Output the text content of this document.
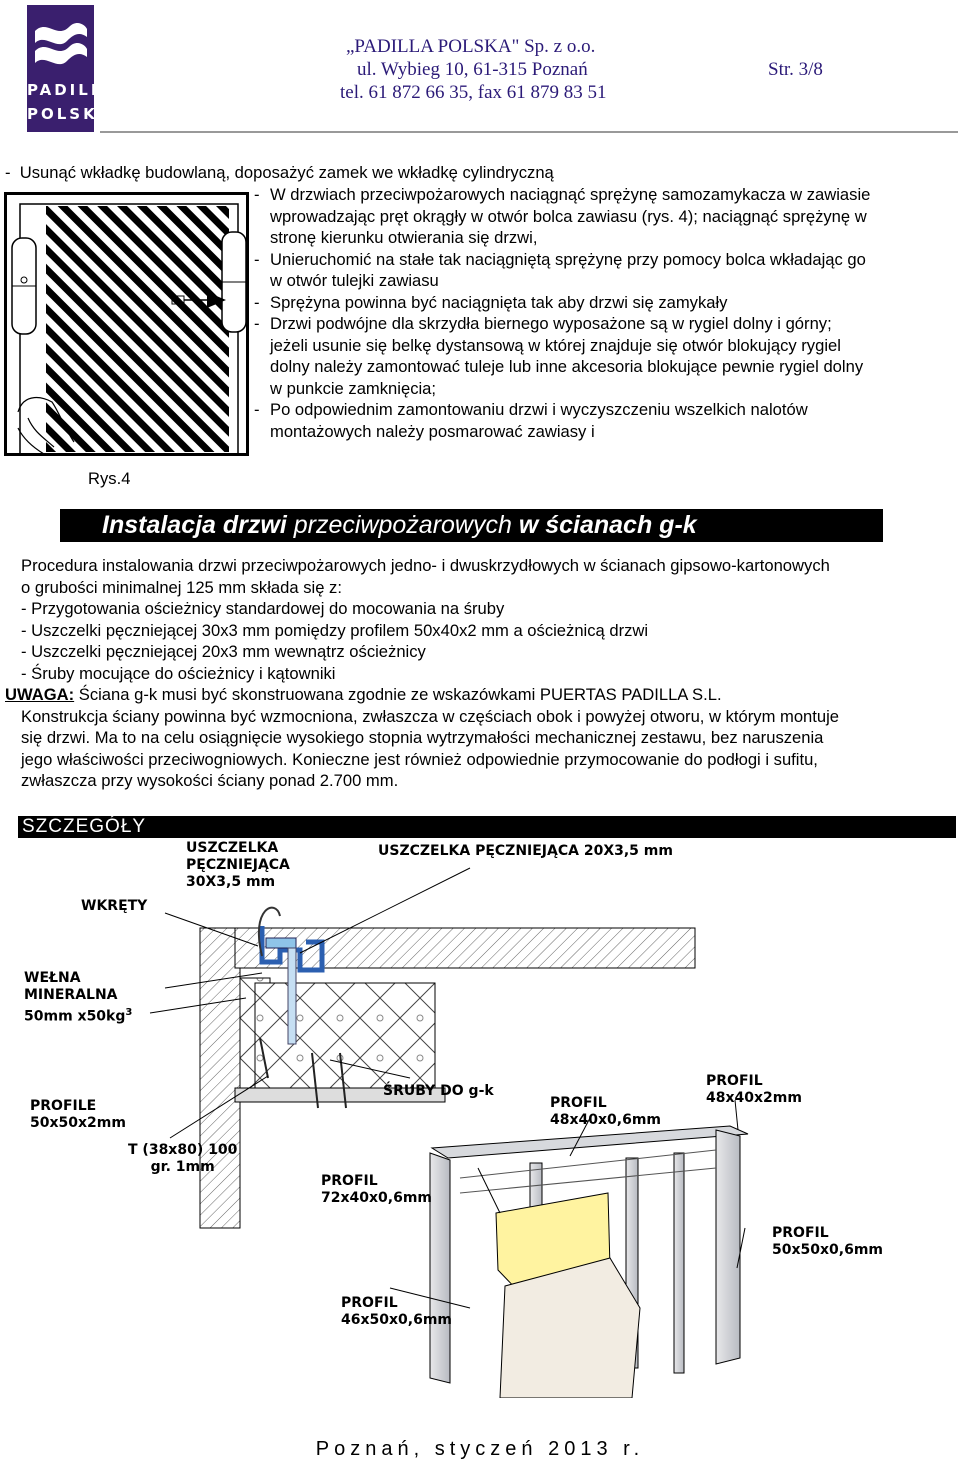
PADILLA
POLSKA
„PADILLA POLSKA" Sp. z o.o.
ul. Wybieg 10, 61-315 Poznań	Str. 3/8
tel. 61 872 66 35, fax 61 879 83 51
-  Usunąć wkładkę budowlaną, doposażyć zamek we wkładkę cylindryczną
Rys.4
- W drzwiach przeciwpożarowych naciągnąć sprężynę samozamykacza w zawiasie
wprowadzając pręt okrągły w otwór bolca zawiasu (rys. 4); naciągnąć sprężynę w
stronę kierunku otwierania się drzwi,
- Unieruchomić na stałe tak naciągniętą sprężynę przy pomocy bolca wkładając go
w otwór tulejki zawiasu
- Sprężyna powinna być naciągnięta tak aby drzwi się zamykały
- Drzwi podwójne dla skrzydła biernego wyposażone są w rygiel dolny i górny;
jeżeli usunie się belkę dystansową w której znajduje się otwór blokujący rygiel
dolny należy zamontować tuleje lub inne akcesoria blokujące pewnie rygiel dolny
w punkcie zamknięcia;
- Po odpowiednim zamontowaniu drzwi i wyczyszczeniu wszelkich nalotów
montażowych należy posmarować zawiasy i
Instalacja drzwi przeciwpożarowych w ścianach g-k
Procedura instalowania drzwi przeciwpożarowych jedno- i dwuskrzydłowych w ścianach gipsowo-kartonowych
o grubości minimalnej 125 mm składa się z:
- Przygotowania ościeżnicy standardowej do mocowania na śruby
- Uszczelki pęczniejącej 30x3 mm pomiędzy profilem 50x40x2 mm a ościeżnicą drzwi
- Uszczelki pęczniejącej 20x3 mm wewnątrz ościeżnicy
- Śruby mocujące do ościeżnicy i kątowniki
UWAGA: Ściana g-k musi być skonstruowana zgodnie ze wskazówkami PUERTAS PADILLA S.L.
Konstrukcja ściany powinna być wzmocniona, zwłaszcza w częściach obok i powyżej otworu, w którym montuje
się drzwi. Ma to na celu osiągnięcie wysokiego stopnia wytrzymałości mechanicznej zestawu, bez naruszenia
jego właściwości przeciwogniowych. Konieczne jest również odpowiednie przymocowanie do podłogi i sufitu,
zwłaszcza przy wysokości ściany ponad 2.700 mm.
SZCZEGÓŁY
USZCZELKA
PĘCZNIEJĄCA
30X3,5 mm
USZCZELKA PĘCZNIEJĄCA 20X3,5 mm
WKRĘTY
WEŁNA
MINERALNA
50mm $x50kg^3$
ŚRUBY DO g-k
PROFILE
50x50x2mm
T (38x80) 100
gr. 1mm
PROFIL
72x40x0,6mm
PROFIL
48x40x0,6mm
PROFIL
48x40x2mm
PROFIL
50x50x0,6mm
PROFIL
46x50x0,6mm
Poznań, styczeń 2013 r.
